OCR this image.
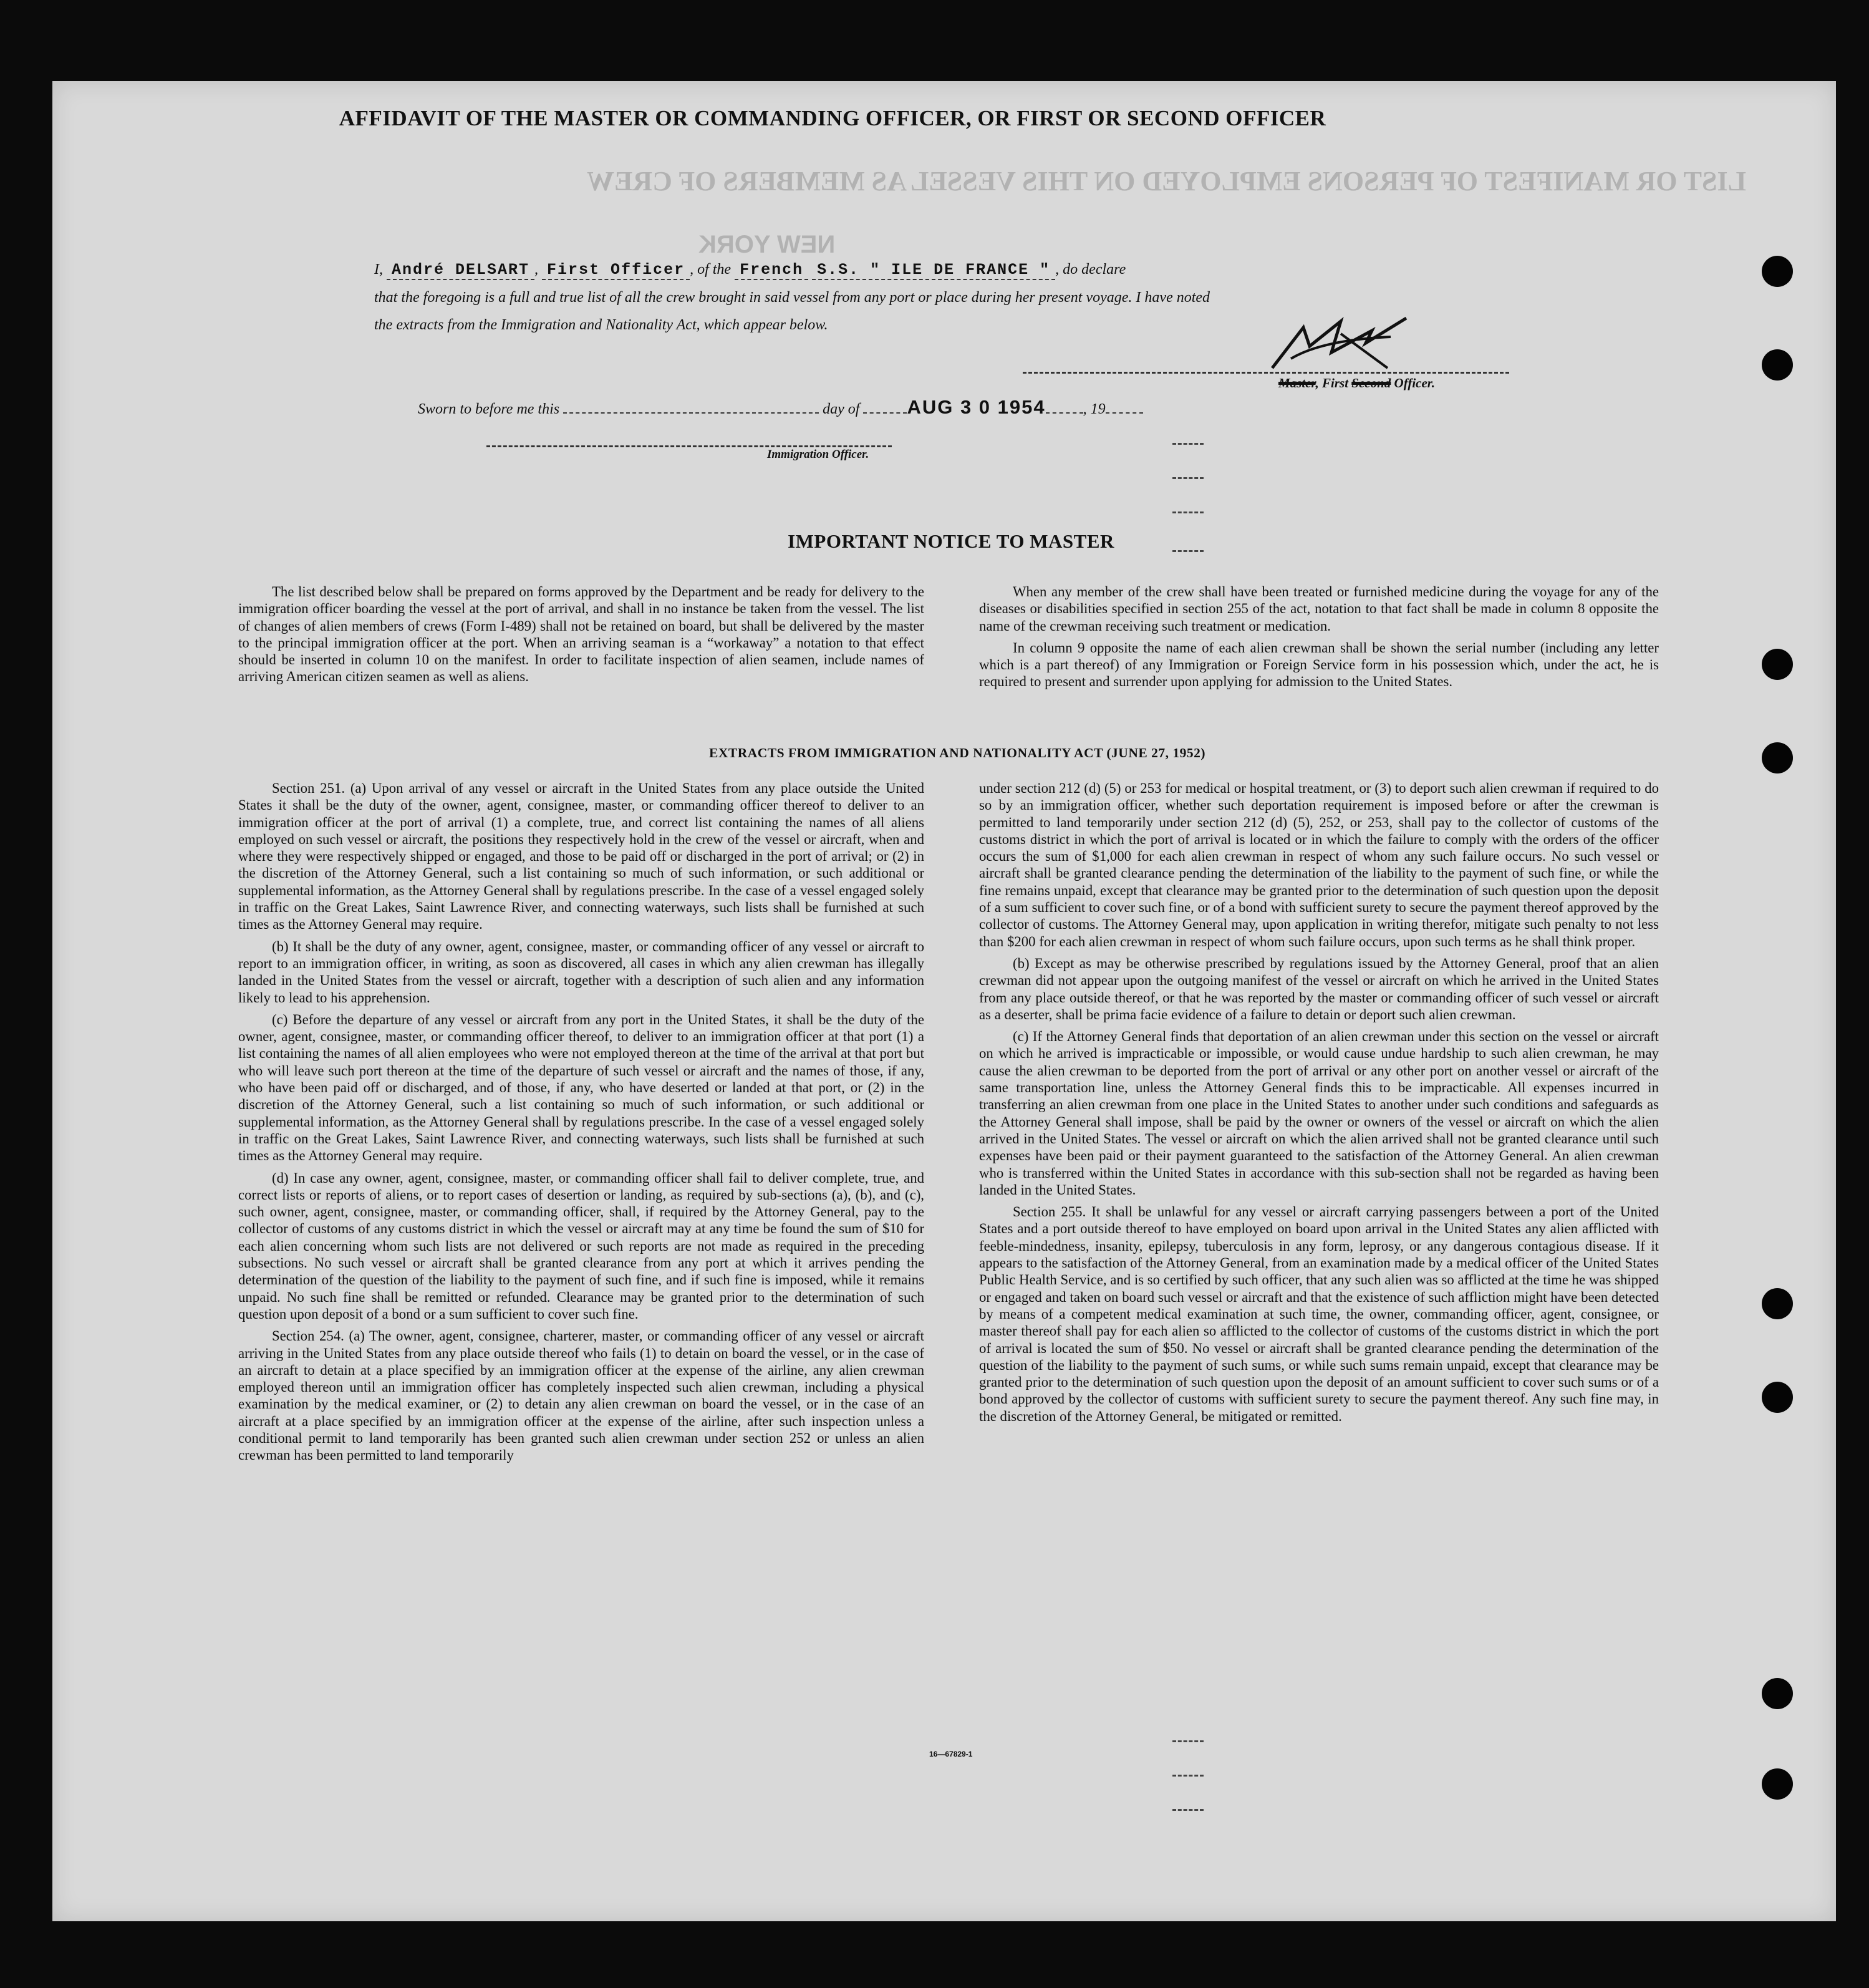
LIST OR MANIFEST OF PERSONS EMPLOYED ON THIS VESSEL AS MEMBERS OF CREW
NEW YORK
AFFIDAVIT OF THE MASTER OR COMMANDING OFFICER, OR FIRST OR SECOND OFFICER
I, André DELSART , First Officer , of the French S.S. " ILE DE FRANCE " , do declare
that the foregoing is a full and true list of all the crew brought in said vessel from any port or place during her present voyage. I have noted
the extracts from the Immigration and Nationality Act, which appear below.
Master, First Second Officer.
Sworn to before me this	day of AUG 3 0 1954	, 19
Immigration Officer.
IMPORTANT NOTICE TO MASTER

The list described below shall be prepared on forms approved by the Department and be ready for delivery to the immigration officer boarding the vessel at the port of arrival, and shall in no instance be taken from the vessel. The list of changes of alien members of crews (Form I-489) shall not be retained on board, but shall be delivered by the master to the principal immigration officer at the port. When an arriving seaman is a “workaway” a notation to that effect should be inserted in column 10 on the manifest. In order to facilitate inspection of alien seamen, include names of arriving American citizen seamen as well as aliens.

When any member of the crew shall have been treated or furnished medicine during the voyage for any of the diseases or disabilities specified in section 255 of the act, notation to that fact shall be made in column 8 opposite the name of the crewman receiving such treatment or medication.

In column 9 opposite the name of each alien crewman shall be shown the serial number (including any letter which is a part thereof) of any Immigration or Foreign Service form in his possession which, under the act, he is required to present and surrender upon applying for admission to the United States.

EXTRACTS FROM IMMIGRATION AND NATIONALITY ACT (JUNE 27, 1952)

Section 251. (a) Upon arrival of any vessel or aircraft in the United States from any place outside the United States it shall be the duty of the owner, agent, consignee, master, or commanding officer thereof to deliver to an immigration officer at the port of arrival (1) a complete, true, and correct list containing the names of all aliens employed on such vessel or aircraft, the positions they respectively hold in the crew of the vessel or aircraft, when and where they were respectively shipped or engaged, and those to be paid off or discharged in the port of arrival; or (2) in the discretion of the Attorney General, such a list containing so much of such information, or such additional or supplemental information, as the Attorney General shall by regulations prescribe. In the case of a vessel engaged solely in traffic on the Great Lakes, Saint Lawrence River, and connecting waterways, such lists shall be furnished at such times as the Attorney General may require.

(b) It shall be the duty of any owner, agent, consignee, master, or commanding officer of any vessel or aircraft to report to an immigration officer, in writing, as soon as discovered, all cases in which any alien crewman has illegally landed in the United States from the vessel or aircraft, together with a description of such alien and any information likely to lead to his apprehension.

(c) Before the departure of any vessel or aircraft from any port in the United States, it shall be the duty of the owner, agent, consignee, master, or commanding officer thereof, to deliver to an immigration officer at that port (1) a list containing the names of all alien employees who were not employed thereon at the time of the arrival at that port but who will leave such port thereon at the time of the departure of such vessel or aircraft and the names of those, if any, who have been paid off or discharged, and of those, if any, who have deserted or landed at that port, or (2) in the discretion of the Attorney General, such a list containing so much of such information, or such additional or supplemental information, as the Attorney General shall by regulations prescribe. In the case of a vessel engaged solely in traffic on the Great Lakes, Saint Lawrence River, and connecting waterways, such lists shall be furnished at such times as the Attorney General may require.

(d) In case any owner, agent, consignee, master, or commanding officer shall fail to deliver complete, true, and correct lists or reports of aliens, or to report cases of desertion or landing, as required by sub-sections (a), (b), and (c), such owner, agent, consignee, master, or commanding officer, shall, if required by the Attorney General, pay to the collector of customs of any customs district in which the vessel or aircraft may at any time be found the sum of $10 for each alien concerning whom such lists are not delivered or such reports are not made as required in the preceding subsections. No such vessel or aircraft shall be granted clearance from any port at which it arrives pending the determination of the question of the liability to the payment of such fine, and if such fine is imposed, while it remains unpaid. No such fine shall be remitted or refunded. Clearance may be granted prior to the determination of such question upon deposit of a bond or a sum sufficient to cover such fine.

Section 254. (a) The owner, agent, consignee, charterer, master, or commanding officer of any vessel or aircraft arriving in the United States from any place outside thereof who fails (1) to detain on board the vessel, or in the case of an aircraft to detain at a place specified by an immigration officer at the expense of the airline, any alien crewman employed thereon until an immigration officer has completely inspected such alien crewman, including a physical examination by the medical examiner, or (2) to detain any alien crewman on board the vessel, or in the case of an aircraft at a place specified by an immigration officer at the expense of the airline, after such inspection unless a conditional permit to land temporarily has been granted such alien crewman under section 252 or unless an alien crewman has been permitted to land temporarily

under section 212 (d) (5) or 253 for medical or hospital treatment, or (3) to deport such alien crewman if required to do so by an immigration officer, whether such deportation requirement is imposed before or after the crewman is permitted to land temporarily under section 212 (d) (5), 252, or 253, shall pay to the collector of customs of the customs district in which the port of arrival is located or in which the failure to comply with the orders of the officer occurs the sum of $1,000 for each alien crewman in respect of whom any such failure occurs. No such vessel or aircraft shall be granted clearance pending the determination of the liability to the payment of such fine, or while the fine remains unpaid, except that clearance may be granted prior to the determination of such question upon the deposit of a sum sufficient to cover such fine, or of a bond with sufficient surety to secure the payment thereof approved by the collector of customs. The Attorney General may, upon application in writing therefor, mitigate such penalty to not less than $200 for each alien crewman in respect of whom such failure occurs, upon such terms as he shall think proper.

(b) Except as may be otherwise prescribed by regulations issued by the Attorney General, proof that an alien crewman did not appear upon the outgoing manifest of the vessel or aircraft on which he arrived in the United States from any place outside thereof, or that he was reported by the master or commanding officer of such vessel or aircraft as a deserter, shall be prima facie evidence of a failure to detain or deport such alien crewman.

(c) If the Attorney General finds that deportation of an alien crewman under this section on the vessel or aircraft on which he arrived is impracticable or impossible, or would cause undue hardship to such alien crewman, he may cause the alien crewman to be deported from the port of arrival or any other port on another vessel or aircraft of the same transportation line, unless the Attorney General finds this to be impracticable. All expenses incurred in transferring an alien crewman from one place in the United States to another under such conditions and safeguards as the Attorney General shall impose, shall be paid by the owner or owners of the vessel or aircraft on which the alien arrived in the United States. The vessel or aircraft on which the alien arrived shall not be granted clearance until such expenses have been paid or their payment guaranteed to the satisfaction of the Attorney General. An alien crewman who is transferred within the United States in accordance with this sub-section shall not be regarded as having been landed in the United States.

Section 255. It shall be unlawful for any vessel or aircraft carrying passengers between a port of the United States and a port outside thereof to have employed on board upon arrival in the United States any alien afflicted with feeble-mindedness, insanity, epilepsy, tuberculosis in any form, leprosy, or any dangerous contagious disease. If it appears to the satisfaction of the Attorney General, from an examination made by a medical officer of the United States Public Health Service, and is so certified by such officer, that any such alien was so afflicted at the time he was shipped or engaged and taken on board such vessel or aircraft and that the existence of such affliction might have been detected by means of a competent medical examination at such time, the owner, commanding officer, agent, consignee, or master thereof shall pay for each alien so afflicted to the collector of customs of the customs district in which the port of arrival is located the sum of $50. No vessel or aircraft shall be granted clearance pending the determination of the question of the liability to the payment of such sums, or while such sums remain unpaid, except that clearance may be granted prior to the determination of such question upon the deposit of an amount sufficient to cover such sums or of a bond approved by the collector of customs with sufficient surety to secure the payment thereof. Any such fine may, in the discretion of the Attorney General, be mitigated or remitted.

16—67829-1
